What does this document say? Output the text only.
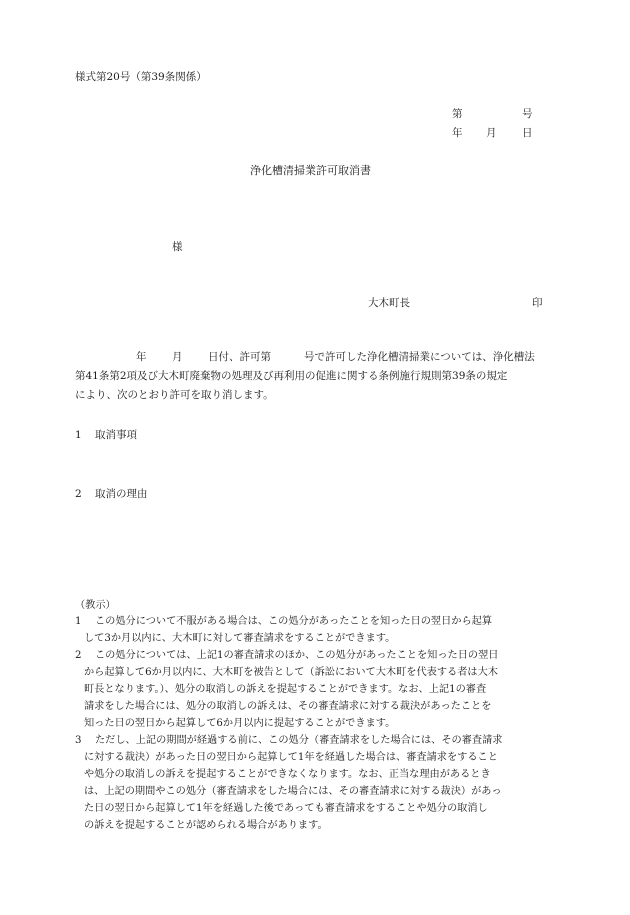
様式第20号（第39条関係）
第	号
年 月 日
浄化槽清掃業許可取消書
様
大木町長	印
年 月 日付、許可第	号で許可した浄化槽清掃業については、浄化槽法
第41条第2項及び大木町廃棄物の処理及び再利用の促進に関する条例施行規則第39条の規定
により、次のとおり許可を取り消します。
1 取消事項
2 取消の理由
（教示）
1 この処分について不服がある場合は、この処分があったことを知った日の翌日から起算
して3か月以内に、大木町に対して審査請求をすることができます。
2 この処分については、上記1の審査請求のほか、この処分があったことを知った日の翌日
から起算して6か月以内に、大木町を被告として（訴訟において大木町を代表する者は大木
町長となります。）、処分の取消しの訴えを提起することができます。なお、上記1の審査
請求をした場合には、処分の取消しの訴えは、その審査請求に対する裁決があったことを
知った日の翌日から起算して6か月以内に提起することができます。
3 ただし、上記の期間が経過する前に、この処分（審査請求をした場合には、その審査請求
に対する裁決）があった日の翌日から起算して1年を経過した場合は、審査請求をすること
や処分の取消しの訴えを提起することができなくなります。なお、正当な理由があるとき
は、上記の期間やこの処分（審査請求をした場合には、その審査請求に対する裁決）があっ
た日の翌日から起算して1年を経過した後であっても審査請求をすることや処分の取消し
の訴えを提起することが認められる場合があります。
